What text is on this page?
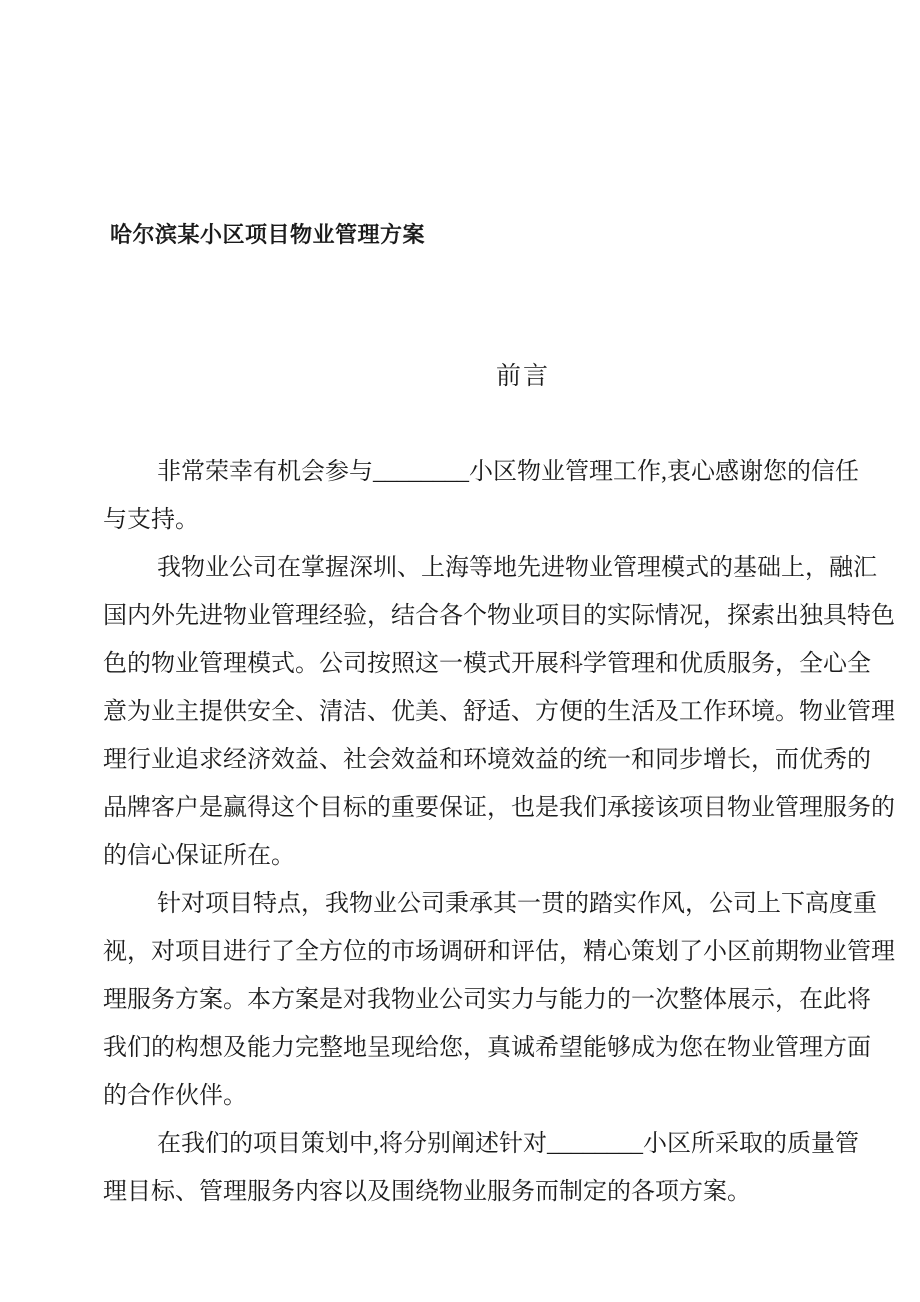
哈尔滨某小区项目物业管理方案
前言
非常荣幸有机会参与________小区物业管理工作,衷心感谢您的信任
与支持。
我物业公司在掌握深圳、上海等地先进物业管理模式的基础上，融汇
国内外先进物业管理经验，结合各个物业项目的实际情况，探索出独具特色
色的物业管理模式。公司按照这一模式开展科学管理和优质服务，全心全
意为业主提供安全、清洁、优美、舒适、方便的生活及工作环境。物业管理
理行业追求经济效益、社会效益和环境效益的统一和同步增长，而优秀的
品牌客户是赢得这个目标的重要保证，也是我们承接该项目物业管理服务的
的信心保证所在。
针对项目特点，我物业公司秉承其一贯的踏实作风，公司上下高度重
视，对项目进行了全方位的市场调研和评估，精心策划了小区前期物业管理
理服务方案。本方案是对我物业公司实力与能力的一次整体展示，在此将
我们的构想及能力完整地呈现给您，真诚希望能够成为您在物业管理方面
的合作伙伴。
在我们的项目策划中,将分别阐述针对________小区所采取的质量管
理目标、管理服务内容以及围绕物业服务而制定的各项方案。
